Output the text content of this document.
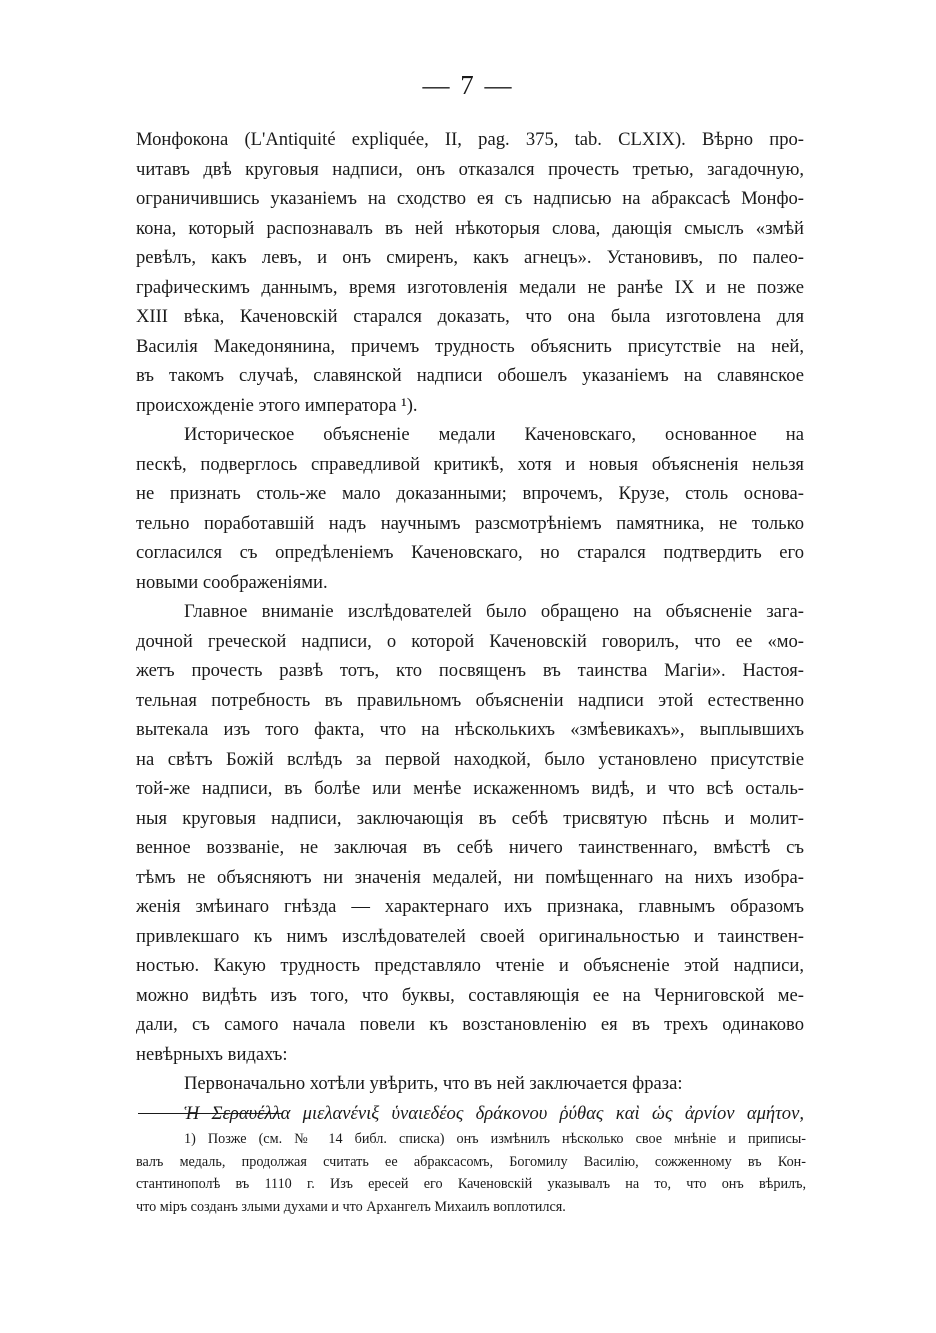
— 7 —
Монфокона (L'Antiquité expliquée, II, pag. 375, tab. CLXIX). Вѣрно про-
читавъ двѣ круговыя надписи, онъ отказался прочесть третью, загадочную,
ограничившись указаніемъ на сходство ея съ надписью на абраксасѣ Монфо-
кона, который распознавалъ въ ней нѣкоторыя слова, дающія смыслъ «змѣй
ревѣлъ, какъ левъ, и онъ смиренъ, какъ агнецъ». Установивъ, по палео-
графическимъ даннымъ, время изготовленія медали не ранѣе IX и не позже
XIII вѣка, Каченовскій старался доказать, что она была изготовлена для
Василія Македонянина, причемъ трудность объяснить присутствіе на ней,
въ такомъ случаѣ, славянской надписи обошелъ указаніемъ на славянское
происхожденіе этого императора ¹).
Историческое объясненіе медали Каченовскаго, основанное на
пескѣ, подверглось справедливой критикѣ, хотя и новыя объясненія нельзя
не признать столь-же мало доказанными; впрочемъ, Крузе, столь основа-
тельно поработавшій надъ научнымъ разсмотрѣніемъ памятника, не только
согласился съ опредѣленіемъ Каченовскаго, но старался подтвердить его
новыми соображеніями.
Главное вниманіе изслѣдователей было обращено на объясненіе зага-
дочной греческой надписи, о которой Каченовскій говорилъ, что ее «мо-
жетъ прочесть развѣ тотъ, кто посвященъ въ таинства Магіи». Настоя-
тельная потребность въ правильномъ объясненіи надписи этой естественно
вытекала изъ того факта, что на нѣсколькихъ «змѣевикахъ», выплывшихъ
на свѣтъ Божій вслѣдъ за первой находкой, было установлено присутствіе
той-же надписи, въ болѣе или менѣе искаженномъ видѣ, и что всѣ осталь-
ныя круговыя надписи, заключающія въ себѣ трисвятую пѣснь и молит-
венное воззваніе, не заключая въ себѣ ничего таинственнаго, вмѣстѣ съ
тѣмъ не объясняютъ ни значенія медалей, ни помѣщеннаго на нихъ изобра-
женія змѣинаго гнѣзда — характернаго ихъ признака, главнымъ образомъ
привлекшаго къ нимъ изслѣдователей своей оригинальностью и таинствен-
ностью. Какую трудность представляло чтеніе и объясненіе этой надписи,
можно видѣть изъ того, что буквы, составляющія ее на Черниговской ме-
дали, съ самого начала повели къ возстановленію ея въ трехъ одинаково
невѣрныхъ видахъ:
Первоначально хотѣли увѣрить, что въ ней заключается фраза:
Ἡ Σεραυέλλα μιελανένιξ ὑναιεδέος δράκονου ῥύθας καὶ ὡς ἀρνίον αμήτον,
1) Позже (см. № 14 библ. списка) онъ измѣнилъ нѣсколько свое мнѣніе и приписы-
валъ медаль, продолжая считать ее абраксасомъ, Богомилу Василію, сожженному въ Кон-
стантинополѣ въ 1110 г. Изъ ересей его Каченовскій указывалъ на то, что онъ вѣрилъ,
что міръ созданъ злыми духами и что Архангелъ Михаилъ воплотился.
